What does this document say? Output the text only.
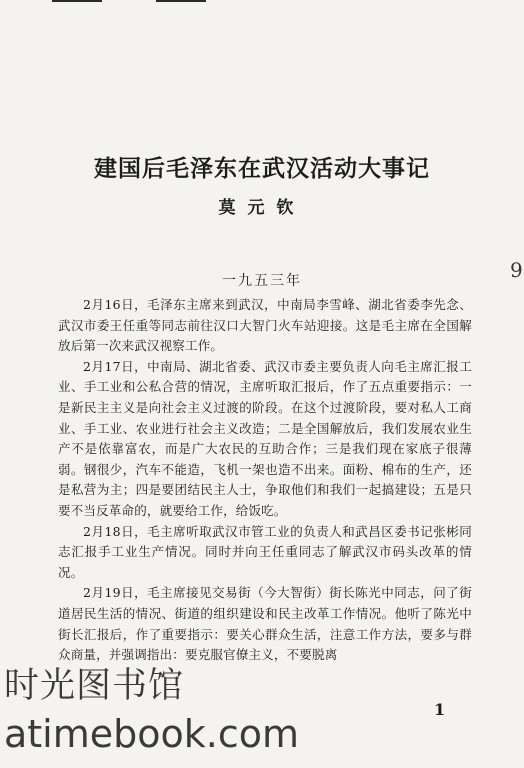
建国后毛泽东在武汉活动大事记
莫元钦
9
一九五三年

2月16日，毛泽东主席来到武汉，中南局李雪峰、湖北省委李先念、武汉市委王任重等同志前往汉口大智门火车站迎接。这是毛主席在全国解放后第一次来武汉视察工作。

2月17日，中南局、湖北省委、武汉市委主要负责人向毛主席汇报工业、手工业和公私合营的情况，主席听取汇报后，作了五点重要指示：一是新民主主义是向社会主义过渡的阶段。在这个过渡阶段，要对私人工商业、手工业、农业进行社会主义改造；二是全国解放后，我们发展农业生产不是依靠富农，而是广大农民的互助合作；三是我们现在家底子很薄弱。钢很少，汽车不能造，飞机一架也造不出来。面粉、棉布的生产，还是私营为主；四是要团结民主人士，争取他们和我们一起搞建设；五是只要不当反革命的，就要给工作，给饭吃。

2月18日，毛主席听取武汉市管工业的负责人和武昌区委书记张彬同志汇报手工业生产情况。同时并向王任重同志了解武汉市码头改革的情况。

2月19日，毛主席接见交易街（今大智街）街长陈光中同志，问了街道居民生活的情况、街道的组织建设和民主改革工作情况。他听了陈光中街长汇报后，作了重要指示：要关心群众生活，注意工作方法，要多与群众商量，并强调指出：要克服官僚主义，不要脱离

1
时光图书馆
atimebook.com
